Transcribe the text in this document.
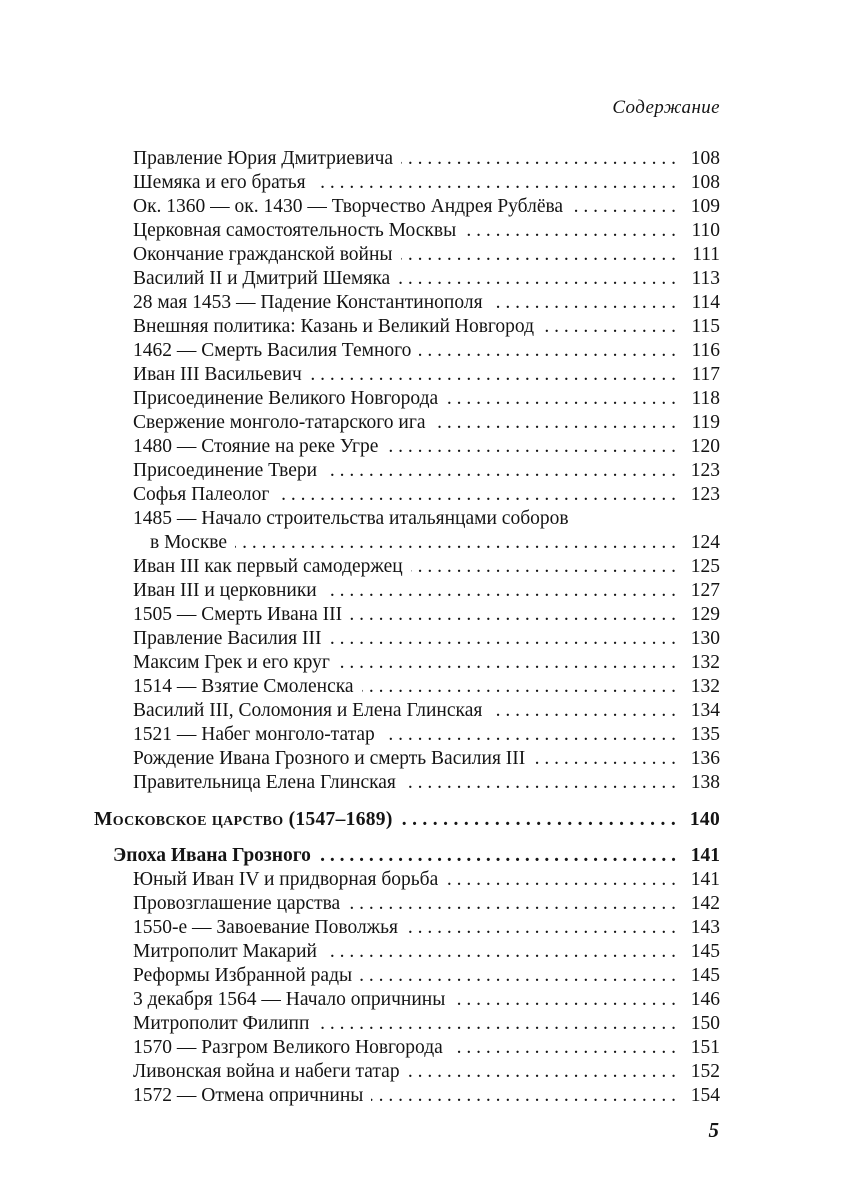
Содержание
Правление Юрия Дмитриевича . . .	108
Шемяка и его братья . . .	108
Ок. 1360 — ок. 1430 — Творчество Андрея Рублёва . . .	109
Церковная самостоятельность Москвы . . .	110
Окончание гражданской войны . . .	111
Василий II и Дмитрий Шемяка . . .	113
28 мая 1453 — Падение Константинополя . . .	114
Внешняя политика: Казань и Великий Новгород . . .	115
1462 — Смерть Василия Темного . . .	116
Иван III Васильевич . . .	117
Присоединение Великого Новгорода . . .	118
Свержение монголо-татарского ига . . .	119
1480 — Стояние на реке Угре . . .	120
Присоединение Твери . . .	123
Софья Палеолог . . .	123
1485 — Начало строительства итальянцами соборов
в Москве . . .	124
Иван III как первый самодержец . . .	125
Иван III и церковники . . .	127
1505 — Смерть Ивана III . . .	129
Правление Василия III . . .	130
Максим Грек и его круг . . .	132
1514 — Взятие Смоленска . . .	132
Василий III, Соломония и Елена Глинская . . .	134
1521 — Набег монголо-татар . . .	135
Рождение Ивана Грозного и смерть Василия III . . .	136
Правительница Елена Глинская . . .	138
Московское царство (1547–1689) . . .	140
Эпоха Ивана Грозного . . .	141
Юный Иван IV и придворная борьба . . .	141
Провозглашение царства . . .	142
1550-е — Завоевание Поволжья . . .	143
Митрополит Макарий . . .	145
Реформы Избранной рады . . .	145
3 декабря 1564 — Начало опричнины . . .	146
Митрополит Филипп . . .	150
1570 — Разгром Великого Новгорода . . .	151
Ливонская война и набеги татар . . .	152
1572 — Отмена опричнины . . .	154
5
